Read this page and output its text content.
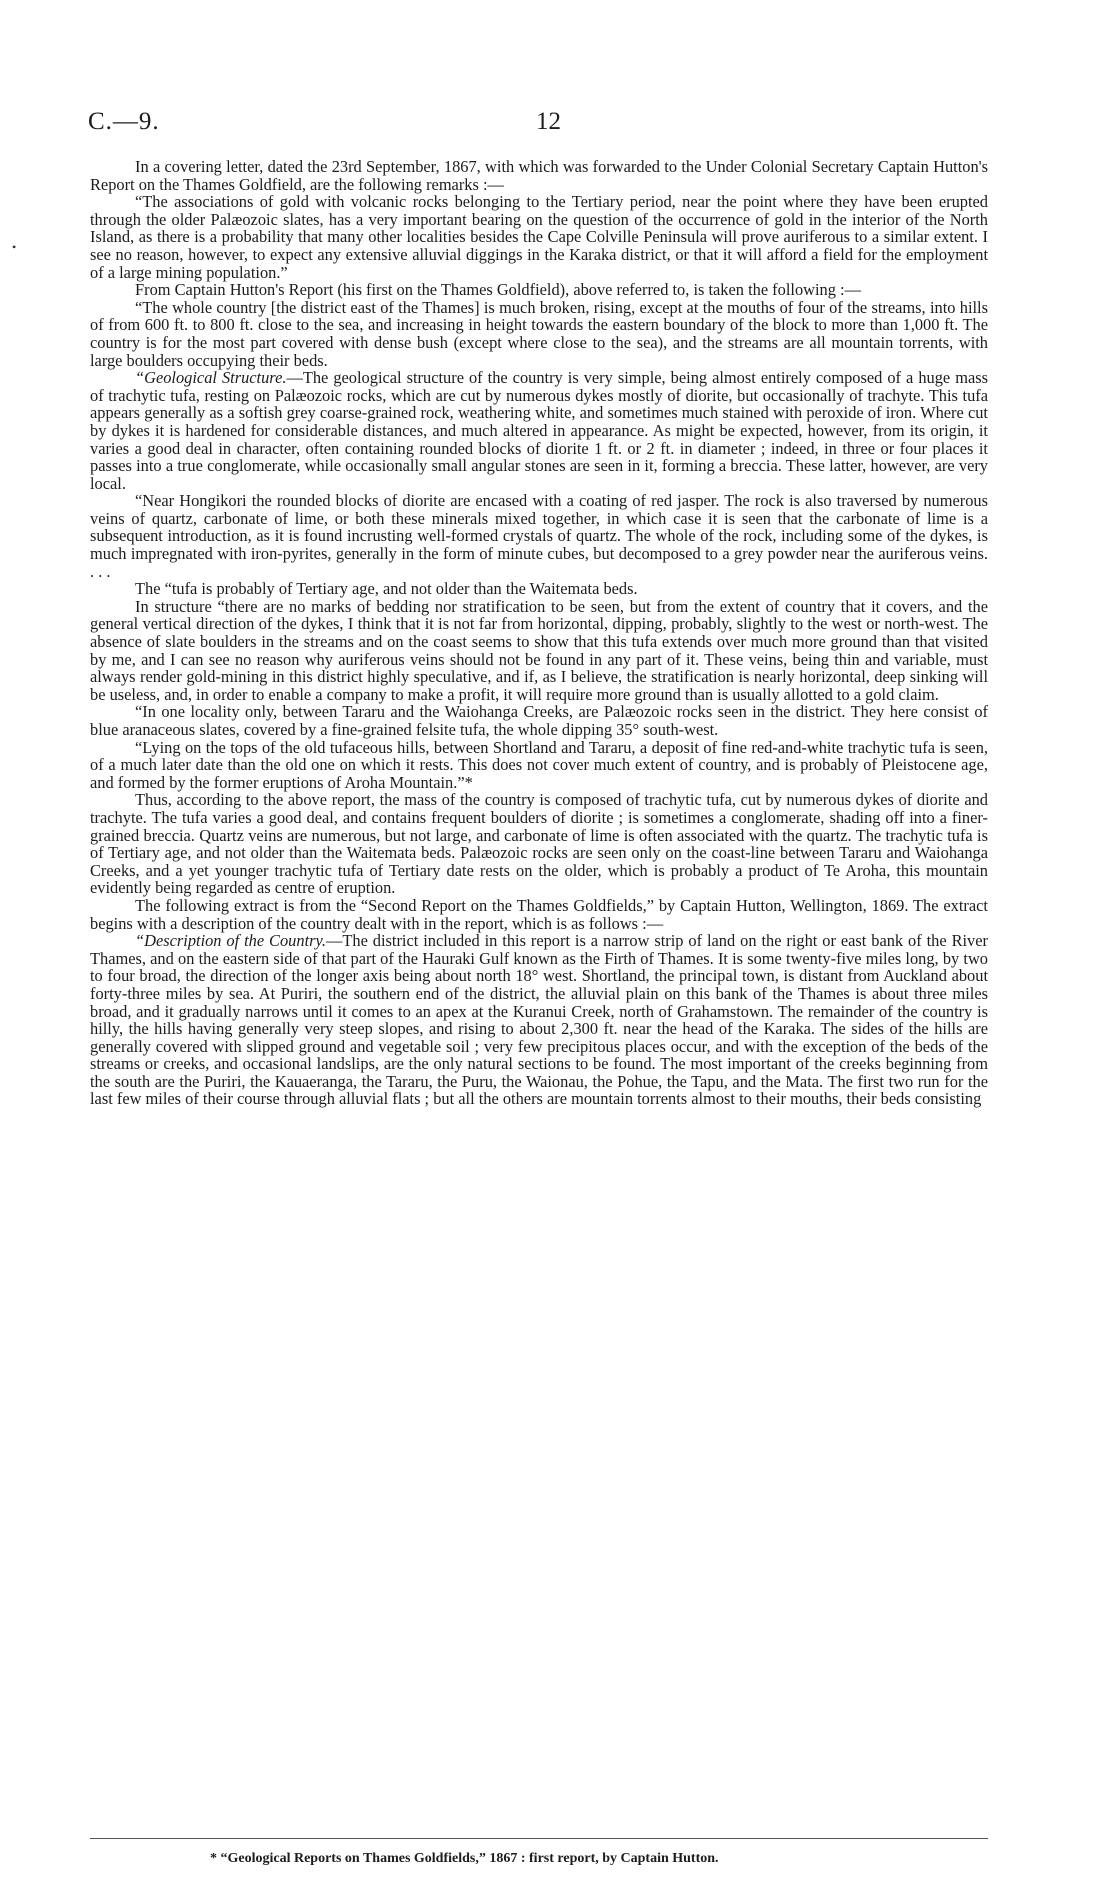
C.—9.	12
•

In a covering letter, dated the 23rd September, 1867, with which was forwarded to the Under Colonial Secretary Captain Hutton's Report on the Thames Goldfield, are the following remarks :—

“The associations of gold with volcanic rocks belonging to the Tertiary period, near the point where they have been erupted through the older Palæozoic slates, has a very important bearing on the question of the occurrence of gold in the interior of the North Island, as there is a probability that many other localities besides the Cape Colville Peninsula will prove auriferous to a similar extent. I see no reason, however, to expect any extensive alluvial diggings in the Karaka district, or that it will afford a field for the employment of a large mining population.”

From Captain Hutton's Report (his first on the Thames Goldfield), above referred to, is taken the following :—

“The whole country [the district east of the Thames] is much broken, rising, except at the mouths of four of the streams, into hills of from 600 ft. to 800 ft. close to the sea, and increasing in height towards the eastern boundary of the block to more than 1,000 ft. The country is for the most part covered with dense bush (except where close to the sea), and the streams are all mountain torrents, with large boulders occupying their beds.

“Geological Structure.—The geological structure of the country is very simple, being almost entirely composed of a huge mass of trachytic tufa, resting on Palæozoic rocks, which are cut by numerous dykes mostly of diorite, but occasionally of trachyte. This tufa appears generally as a softish grey coarse-grained rock, weathering white, and sometimes much stained with peroxide of iron. Where cut by dykes it is hardened for considerable distances, and much altered in appearance. As might be expected, however, from its origin, it varies a good deal in character, often containing rounded blocks of diorite 1 ft. or 2 ft. in diameter ; indeed, in three or four places it passes into a true conglomerate, while occasionally small angular stones are seen in it, forming a breccia. These latter, however, are very local.

“Near Hongikori the rounded blocks of diorite are encased with a coating of red jasper. The rock is also traversed by numerous veins of quartz, carbonate of lime, or both these minerals mixed together, in which case it is seen that the carbonate of lime is a subsequent introduction, as it is found incrusting well-formed crystals of quartz. The whole of the rock, including some of the dykes, is much impregnated with iron-pyrites, generally in the form of minute cubes, but decomposed to a grey powder near the auriferous veins. . . .

The “tufa is probably of Tertiary age, and not older than the Waitemata beds.

In structure “there are no marks of bedding nor stratification to be seen, but from the extent of country that it covers, and the general vertical direction of the dykes, I think that it is not far from horizontal, dipping, probably, slightly to the west or north-west. The absence of slate boulders in the streams and on the coast seems to show that this tufa extends over much more ground than that visited by me, and I can see no reason why auriferous veins should not be found in any part of it. These veins, being thin and variable, must always render gold-mining in this district highly speculative, and if, as I believe, the stratification is nearly horizontal, deep sinking will be useless, and, in order to enable a company to make a profit, it will require more ground than is usually allotted to a gold claim.

“In one locality only, between Tararu and the Waiohanga Creeks, are Palæozoic rocks seen in the district. They here consist of blue aranaceous slates, covered by a fine-grained felsite tufa, the whole dipping 35° south-west.

“Lying on the tops of the old tufaceous hills, between Shortland and Tararu, a deposit of fine red-and-white trachytic tufa is seen, of a much later date than the old one on which it rests. This does not cover much extent of country, and is probably of Pleistocene age, and formed by the former eruptions of Aroha Mountain.”*

Thus, according to the above report, the mass of the country is composed of trachytic tufa, cut by numerous dykes of diorite and trachyte. The tufa varies a good deal, and contains frequent boulders of diorite ; is sometimes a conglomerate, shading off into a finer-grained breccia. Quartz veins are numerous, but not large, and carbonate of lime is often associated with the quartz. The trachytic tufa is of Tertiary age, and not older than the Waitemata beds. Palæozoic rocks are seen only on the coast-line between Tararu and Waiohanga Creeks, and a yet younger trachytic tufa of Tertiary date rests on the older, which is probably a product of Te Aroha, this mountain evidently being regarded as centre of eruption.

The following extract is from the “Second Report on the Thames Goldfields,” by Captain Hutton, Wellington, 1869. The extract begins with a description of the country dealt with in the report, which is as follows :—

“Description of the Country.—The district included in this report is a narrow strip of land on the right or east bank of the River Thames, and on the eastern side of that part of the Hauraki Gulf known as the Firth of Thames. It is some twenty-five miles long, by two to four broad, the direction of the longer axis being about north 18° west. Shortland, the principal town, is distant from Auckland about forty-three miles by sea. At Puriri, the southern end of the district, the alluvial plain on this bank of the Thames is about three miles broad, and it gradually narrows until it comes to an apex at the Kuranui Creek, north of Grahamstown. The remainder of the country is hilly, the hills having generally very steep slopes, and rising to about 2,300 ft. near the head of the Karaka. The sides of the hills are generally covered with slipped ground and vegetable soil ; very few precipitous places occur, and with the exception of the beds of the streams or creeks, and occasional landslips, are the only natural sections to be found. The most important of the creeks beginning from the south are the Puriri, the Kauaeranga, the Tararu, the Puru, the Waionau, the Pohue, the Tapu, and the Mata. The first two run for the last few miles of their course through alluvial flats ; but all the others are mountain torrents almost to their mouths, their beds consisting

* “Geological Reports on Thames Goldfields,” 1867 : first report, by Captain Hutton.
